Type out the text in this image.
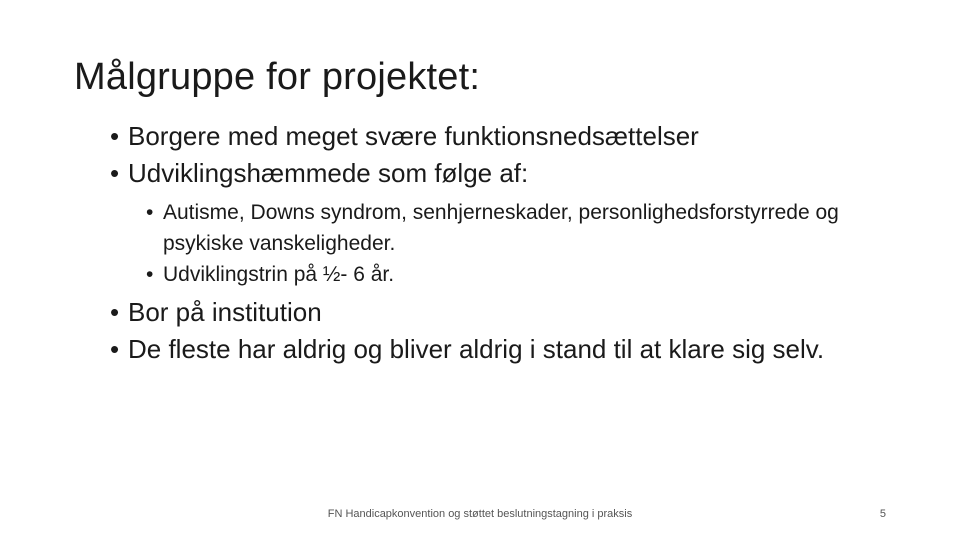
Målgruppe for projektet:
• Borgere med meget svære funktionsnedsættelser
• Udviklingshæmmede som følge af:
• Autisme, Downs syndrom, senhjerneskader, personlighedsforstyrrede og psykiske vanskeligheder.
• Udviklingstrin på ½- 6 år.
• Bor på institution
• De fleste har aldrig og bliver aldrig i stand til at klare sig selv.
FN Handicapkonvention og støttet beslutningstagning i praksis	5
